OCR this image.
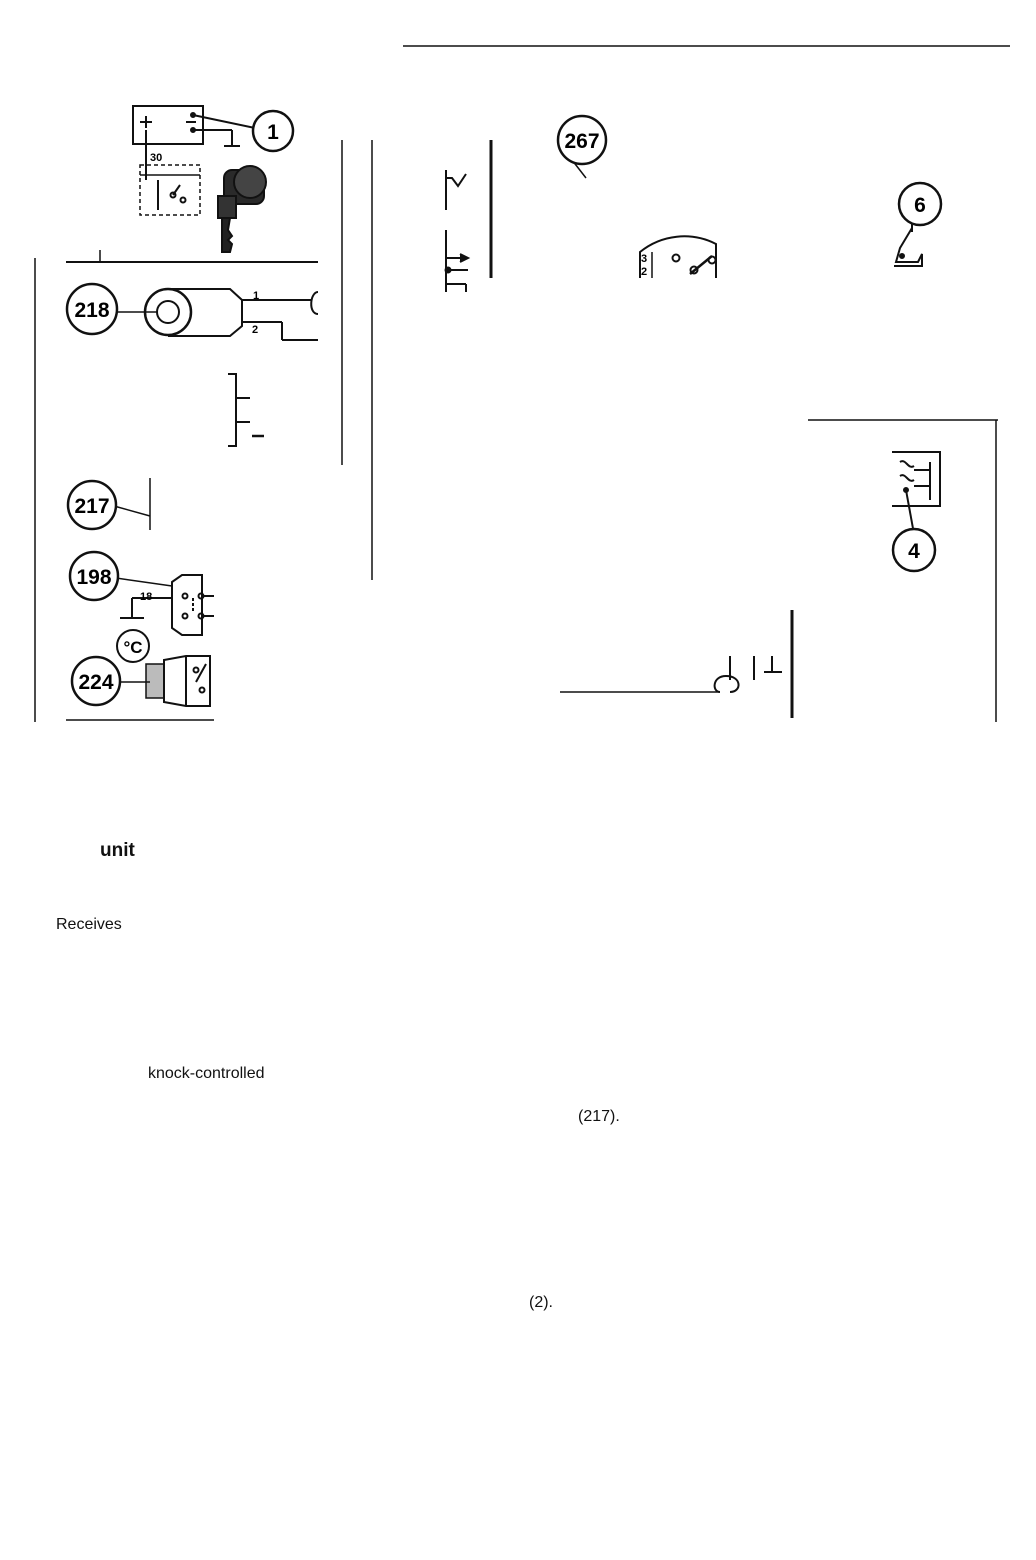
1	267
6
218
217
198
224
4
°C
30
1
2
18
3
2
unit
Receives
knock-controlled
(217).
(2).
